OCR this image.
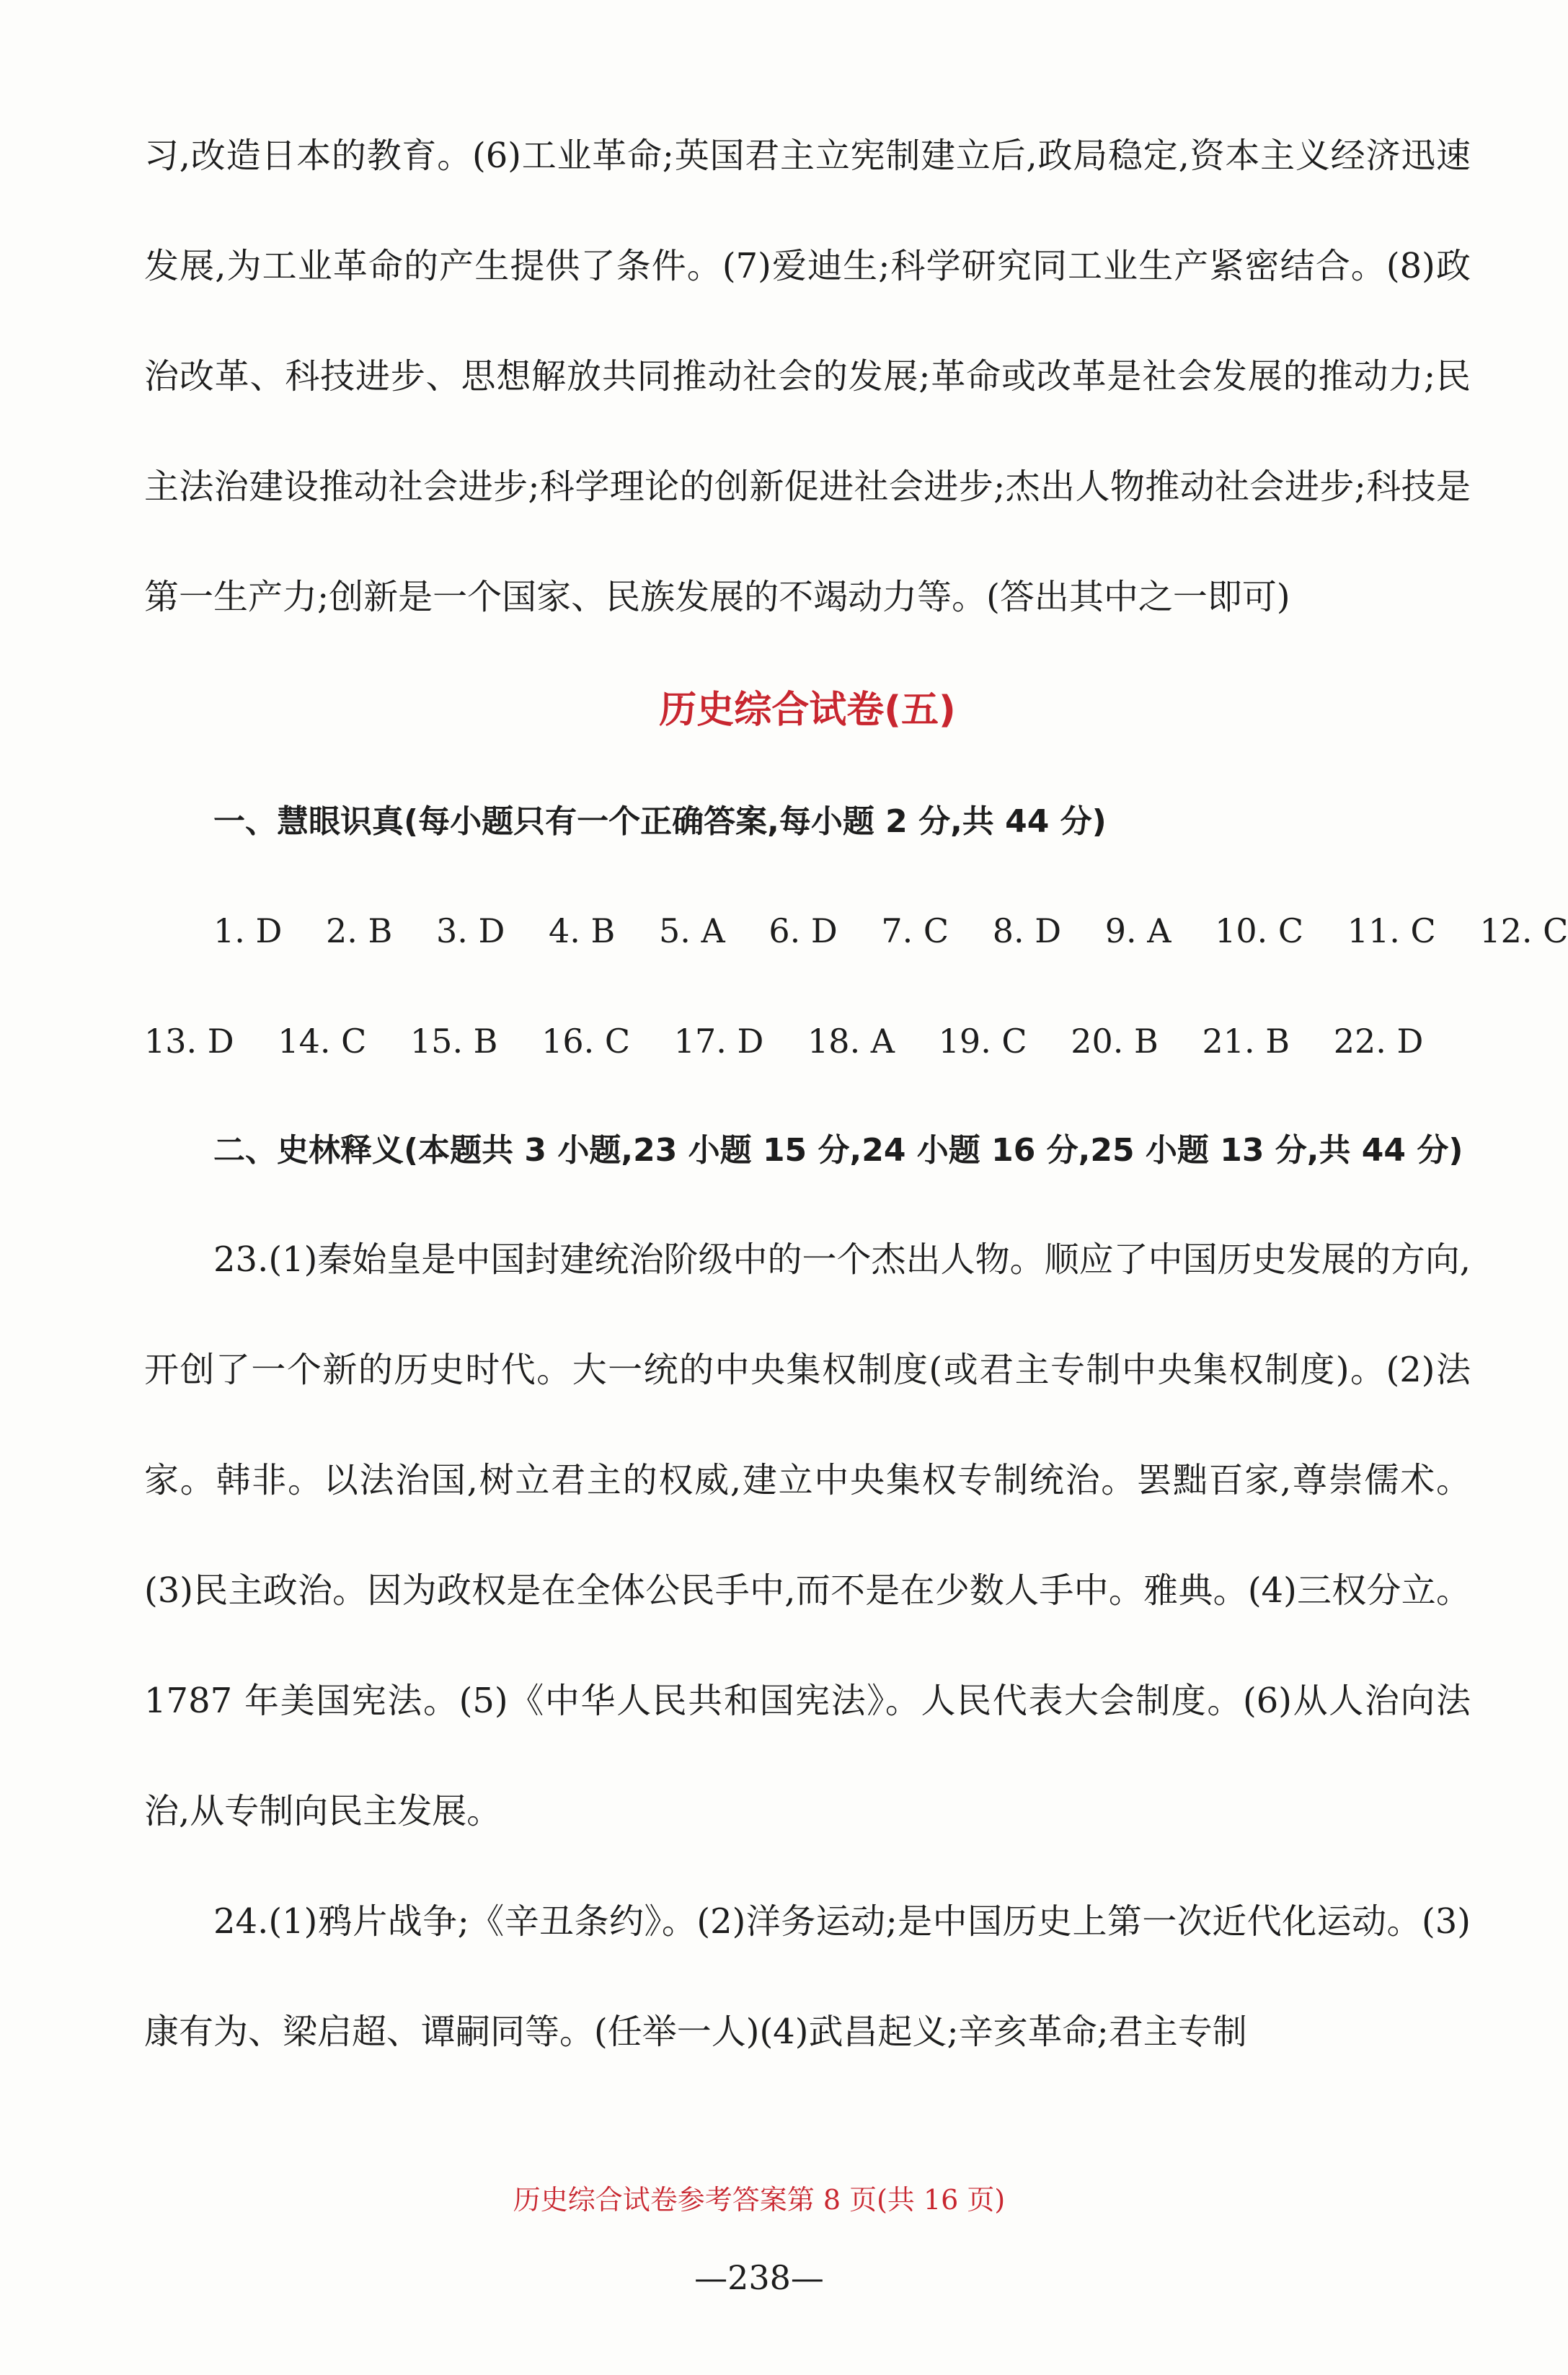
习,改造日本的教育。(6)工业革命;英国君主立宪制建立后,政局稳定,资本主义经济迅速发展,为工业革命的产生提供了条件。(7)爱迪生;科学研究同工业生产紧密结合。(8)政治改革、科技进步、思想解放共同推动社会的发展;革命或改革是社会发展的推动力;民主法治建设推动社会进步;科学理论的创新促进社会进步;杰出人物推动社会进步;科技是第一生产力;创新是一个国家、民族发展的不竭动力等。(答出其中之一即可)

历史综合试卷(五)

一、慧眼识真(每小题只有一个正确答案,每小题 2 分,共 44 分)

1. D 2. B 3. D 4. B 5. A 6. D 7. C 8. D 9. A 10. C 11. C 12. C

13. D 14. C 15. B 16. C 17. D 18. A 19. C 20. B 21. B 22. D

二、史林释义(本题共 3 小题,23 小题 15 分,24 小题 16 分,25 小题 13 分,共 44 分)

23.(1)秦始皇是中国封建统治阶级中的一个杰出人物。顺应了中国历史发展的方向,开创了一个新的历史时代。大一统的中央集权制度(或君主专制中央集权制度)。(2)法家。韩非。以法治国,树立君主的权威,建立中央集权专制统治。罢黜百家,尊崇儒术。(3)民主政治。因为政权是在全体公民手中,而不是在少数人手中。雅典。(4)三权分立。1787 年美国宪法。(5)《中华人民共和国宪法》。人民代表大会制度。(6)从人治向法治,从专制向民主发展。

24.(1)鸦片战争;《辛丑条约》。(2)洋务运动;是中国历史上第一次近代化运动。(3)康有为、梁启超、谭嗣同等。(任举一人)(4)武昌起义;辛亥革命;君主专制

历史综合试卷参考答案第 8 页(共 16 页)
—238—
